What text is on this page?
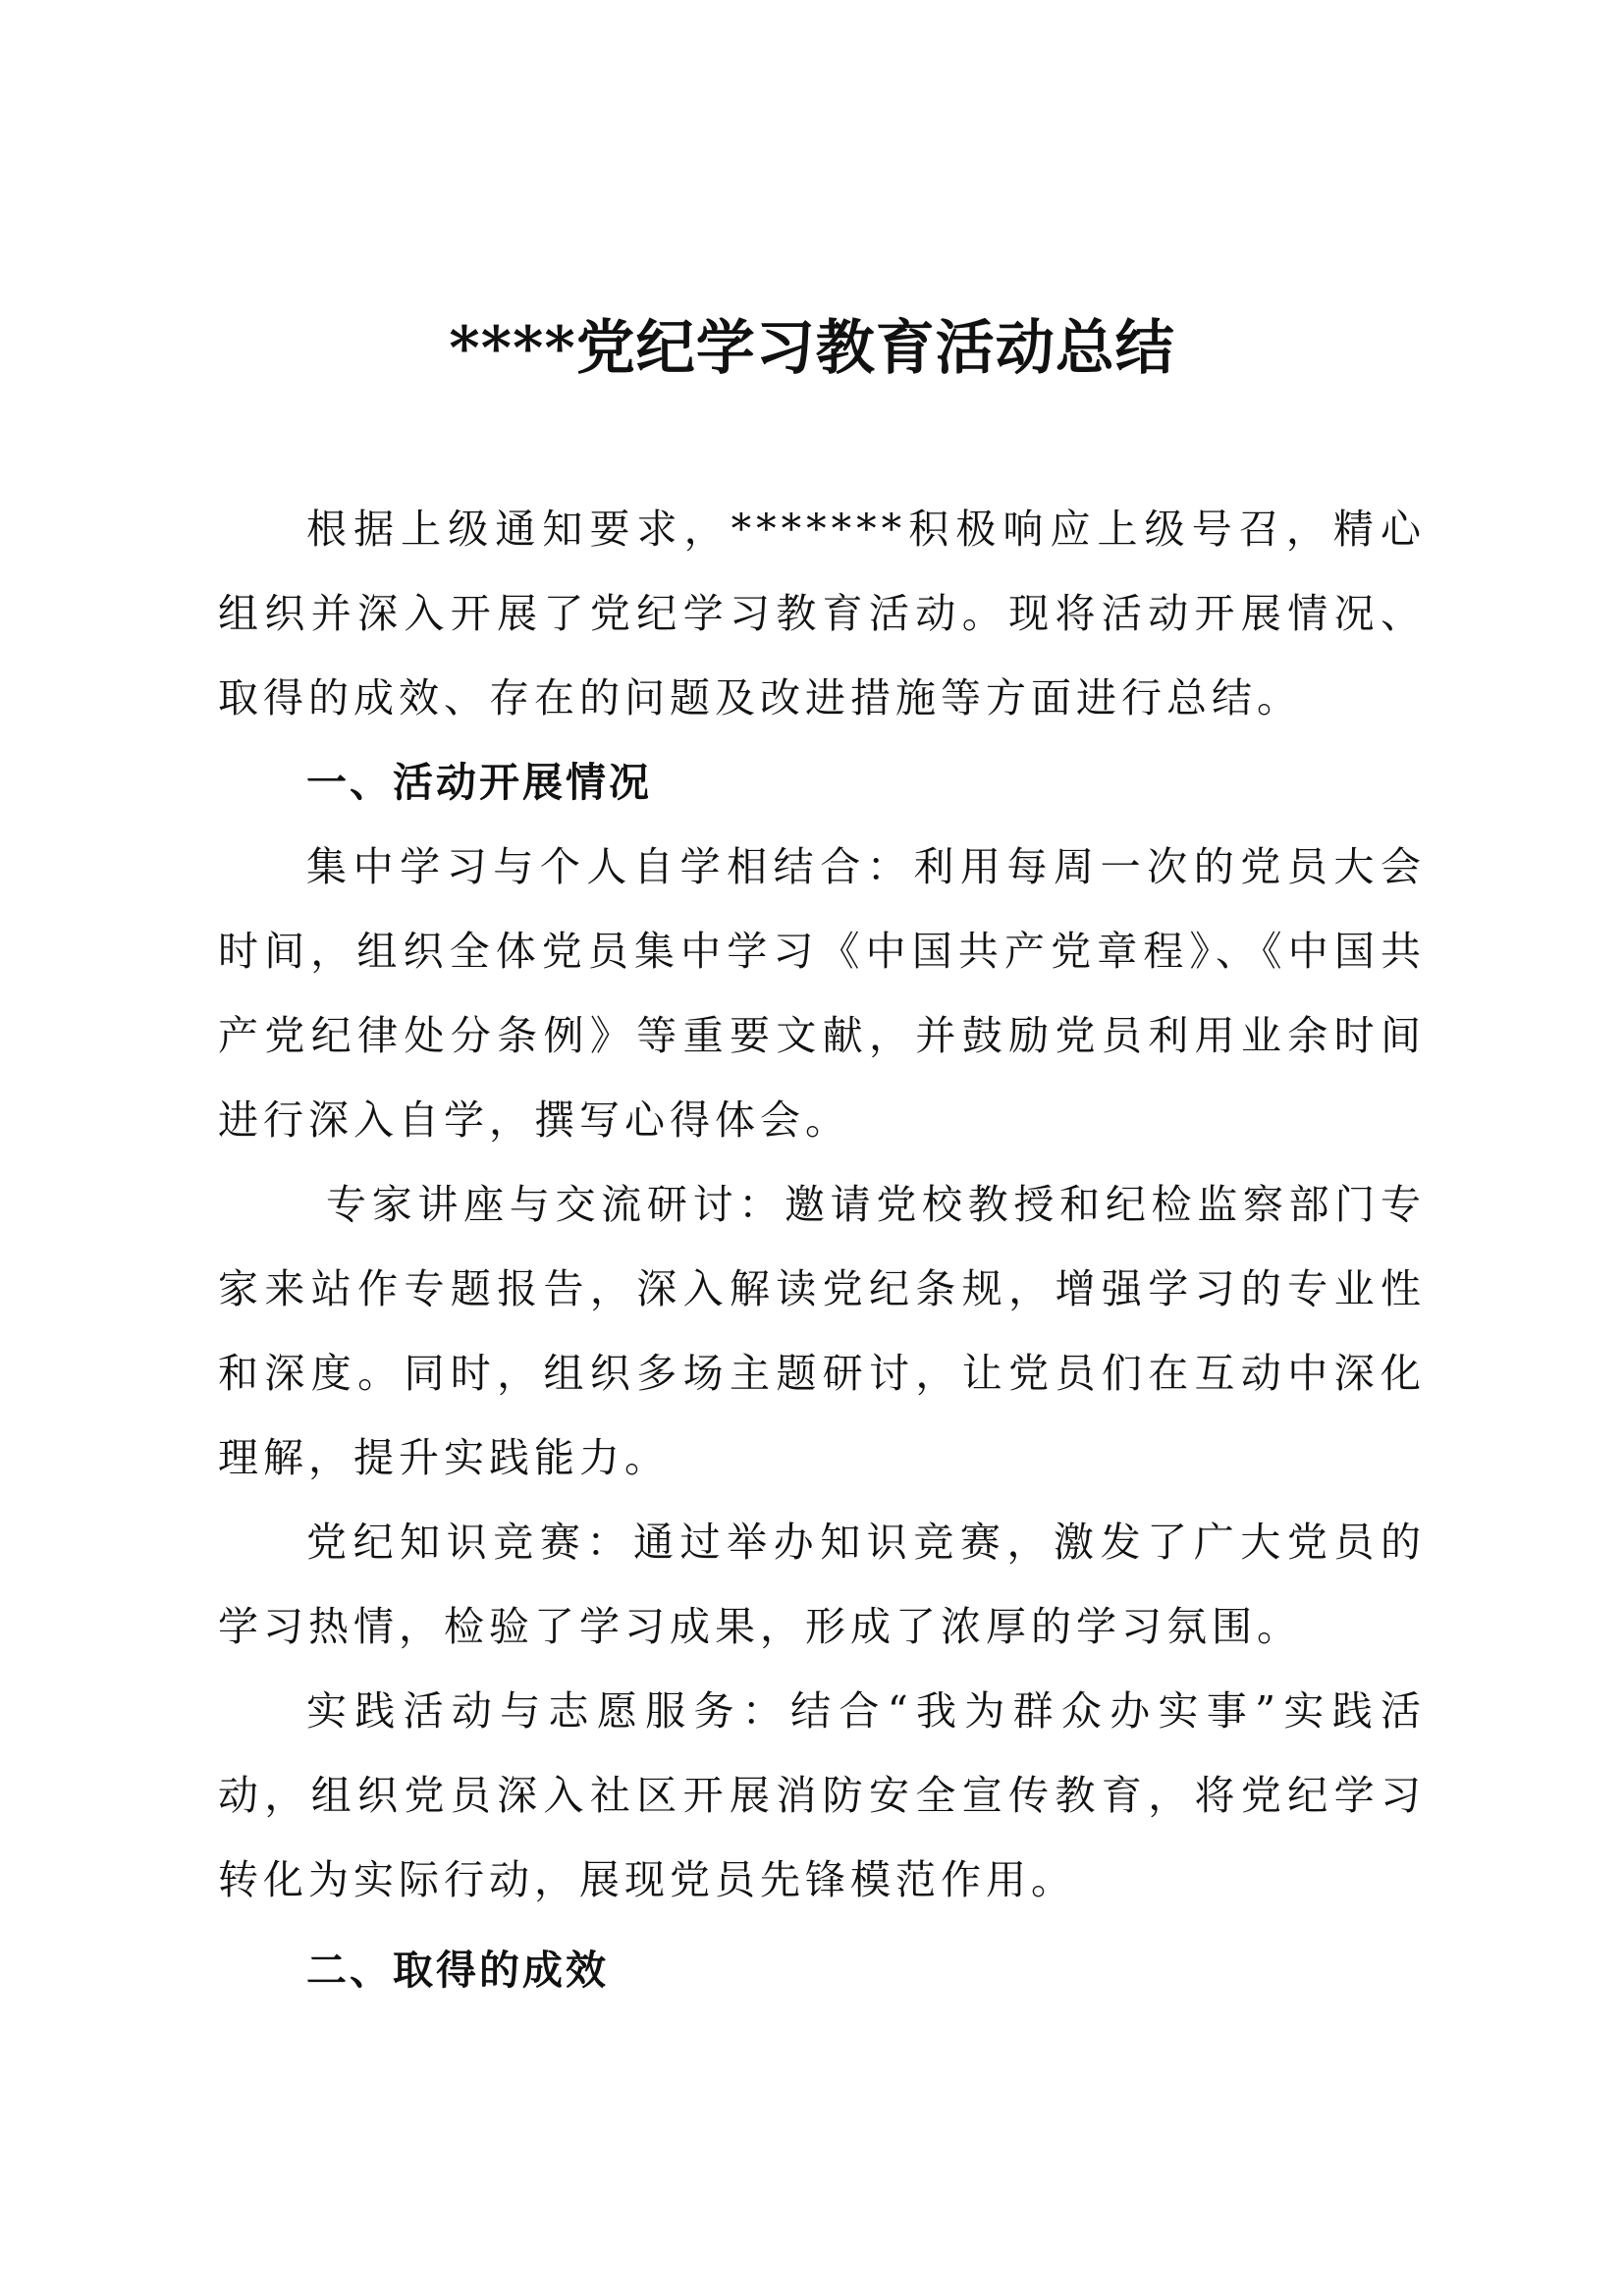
****党纪学习教育活动总结

根据上级通知要求，*******积极响应上级号召，精心组织并深入开展了党纪学习教育活动。现将活动开展情况、取得的成效、存在的问题及改进措施等方面进行总结。

一、活动开展情况

集中学习与个人自学相结合：利用每周一次的党员大会时间，组织全体党员集中学习《中国共产党章程》、《中国共产党纪律处分条例》等重要文献，并鼓励党员利用业余时间进行深入自学，撰写心得体会。

专家讲座与交流研讨：邀请党校教授和纪检监察部门专家来站作专题报告，深入解读党纪条规，增强学习的专业性和深度。同时，组织多场主题研讨，让党员们在互动中深化理解，提升实践能力。

党纪知识竞赛：通过举办知识竞赛，激发了广大党员的学习热情，检验了学习成果，形成了浓厚的学习氛围。

实践活动与志愿服务：结合“我为群众办实事”实践活动，组织党员深入社区开展消防安全宣传教育，将党纪学习转化为实际行动，展现党员先锋模范作用。

二、取得的成效
